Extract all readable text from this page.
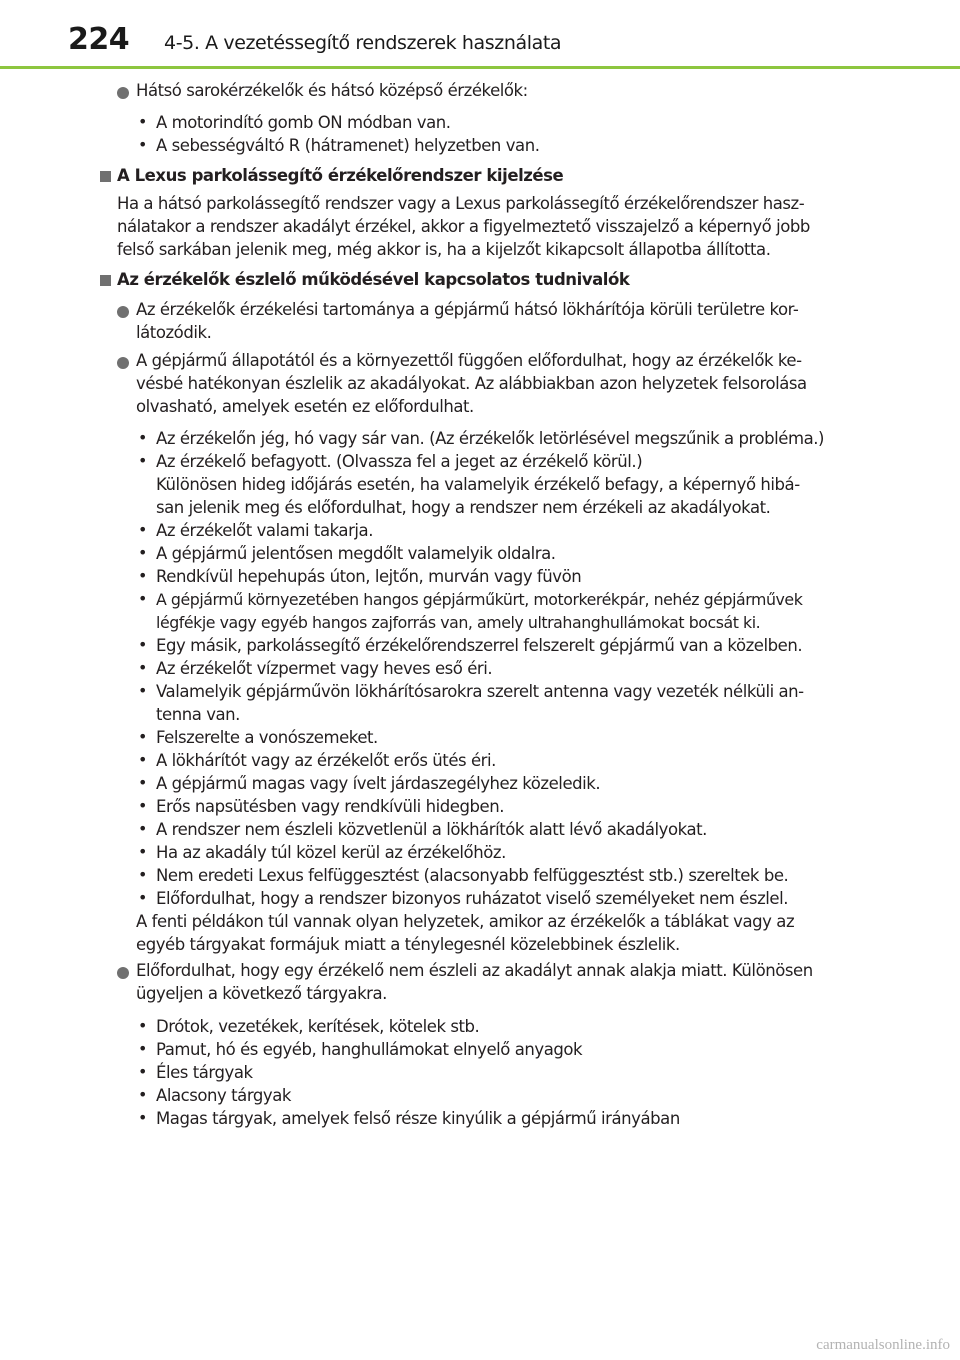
224 4-5. A vezetéssegítő rendszerek használata
Hátsó sarokérzékelők és hátsó középső érzékelők:
• A motorindító gomb ON módban van.
• A sebességváltó R (hátramenet) helyzetben van.
A Lexus parkolássegítő érzékelőrendszer kijelzése
Ha a hátsó parkolássegítő rendszer vagy a Lexus parkolássegítő érzékelőrendszer hasz-
nálatakor a rendszer akadályt érzékel, akkor a figyelmeztető visszajelző a képernyő jobb
felső sarkában jelenik meg, még akkor is, ha a kijelzőt kikapcsolt állapotba állította.
Az érzékelők észlelő működésével kapcsolatos tudnivalók
Az érzékelők érzékelési tartománya a gépjármű hátsó lökhárítója körüli területre kor-
látozódik.
A gépjármű állapotától és a környezettől függően előfordulhat, hogy az érzékelők ke-
vésbé hatékonyan észlelik az akadályokat. Az alábbiakban azon helyzetek felsorolása
olvasható, amelyek esetén ez előfordulhat.
• Az érzékelőn jég, hó vagy sár van. (Az érzékelők letörlésével megszűnik a probléma.)
• Az érzékelő befagyott. (Olvassza fel a jeget az érzékelő körül.)
Különösen hideg időjárás esetén, ha valamelyik érzékelő befagy, a képernyő hibá-
san jelenik meg és előfordulhat, hogy a rendszer nem érzékeli az akadályokat.
• Az érzékelőt valami takarja.
• A gépjármű jelentősen megdőlt valamelyik oldalra.
• Rendkívül hepehupás úton, lejtőn, murván vagy füvön
• A gépjármű környezetében hangos gépjárműkürt, motorkerékpár, nehéz gépjárművek
légfékje vagy egyéb hangos zajforrás van, amely ultrahanghullámokat bocsát ki.
• Egy másik, parkolássegítő érzékelőrendszerrel felszerelt gépjármű van a közelben.
• Az érzékelőt vízpermet vagy heves eső éri.
• Valamelyik gépjárművön lökhárítósarokra szerelt antenna vagy vezeték nélküli an-
tenna van.
• Felszerelte a vonószemeket.
• A lökhárítót vagy az érzékelőt erős ütés éri.
• A gépjármű magas vagy ívelt járdaszegélyhez közeledik.
• Erős napsütésben vagy rendkívüli hidegben.
• A rendszer nem észleli közvetlenül a lökhárítók alatt lévő akadályokat.
• Ha az akadály túl közel kerül az érzékelőhöz.
• Nem eredeti Lexus felfüggesztést (alacsonyabb felfüggesztést stb.) szereltek be.
• Előfordulhat, hogy a rendszer bizonyos ruházatot viselő személyeket nem észlel.
A fenti példákon túl vannak olyan helyzetek, amikor az érzékelők a táblákat vagy az
egyéb tárgyakat formájuk miatt a ténylegesnél közelebbinek észlelik.
Előfordulhat, hogy egy érzékelő nem észleli az akadályt annak alakja miatt. Különösen
ügyeljen a következő tárgyakra.
• Drótok, vezetékek, kerítések, kötelek stb.
• Pamut, hó és egyéb, hanghullámokat elnyelő anyagok
• Éles tárgyak
• Alacsony tárgyak
• Magas tárgyak, amelyek felső része kinyúlik a gépjármű irányában
carmanualsonline.info
